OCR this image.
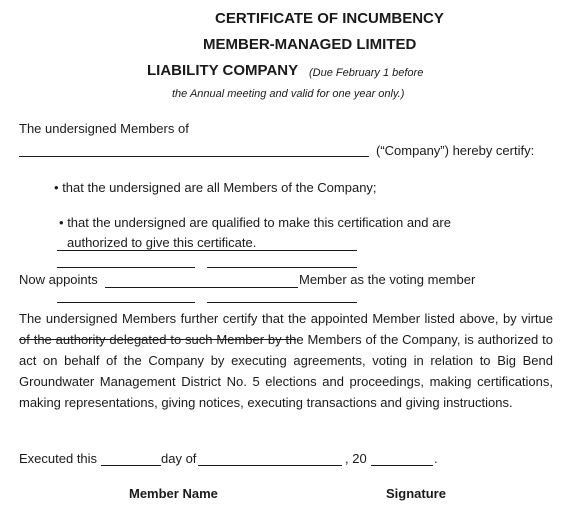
CERTIFICATE OF INCUMBENCY
MEMBER-MANAGED LIMITED
LIABILITY COMPANY (Due February 1 before
the Annual meeting and valid for one year only.)
The undersigned Members of
(“Company”) hereby certify:
• that the undersigned are all Members of the Company;
• that the undersigned are qualified to make this certification and are
authorized to give this certificate.
Now appoints	Member as the voting member
The undersigned Members further certify that the appointed Member listed above, by virtue of the authority delegated to such Member by the Members of the Company, is authorized to act on behalf of the Company by executing agreements, voting in relation to Big Bend Groundwater Management District No. 5 elections and proceedings, making certifications, making representations, giving notices, executing transactions and giving instructions.
Executed this	day of	, 20	.
Member Name	Signature
